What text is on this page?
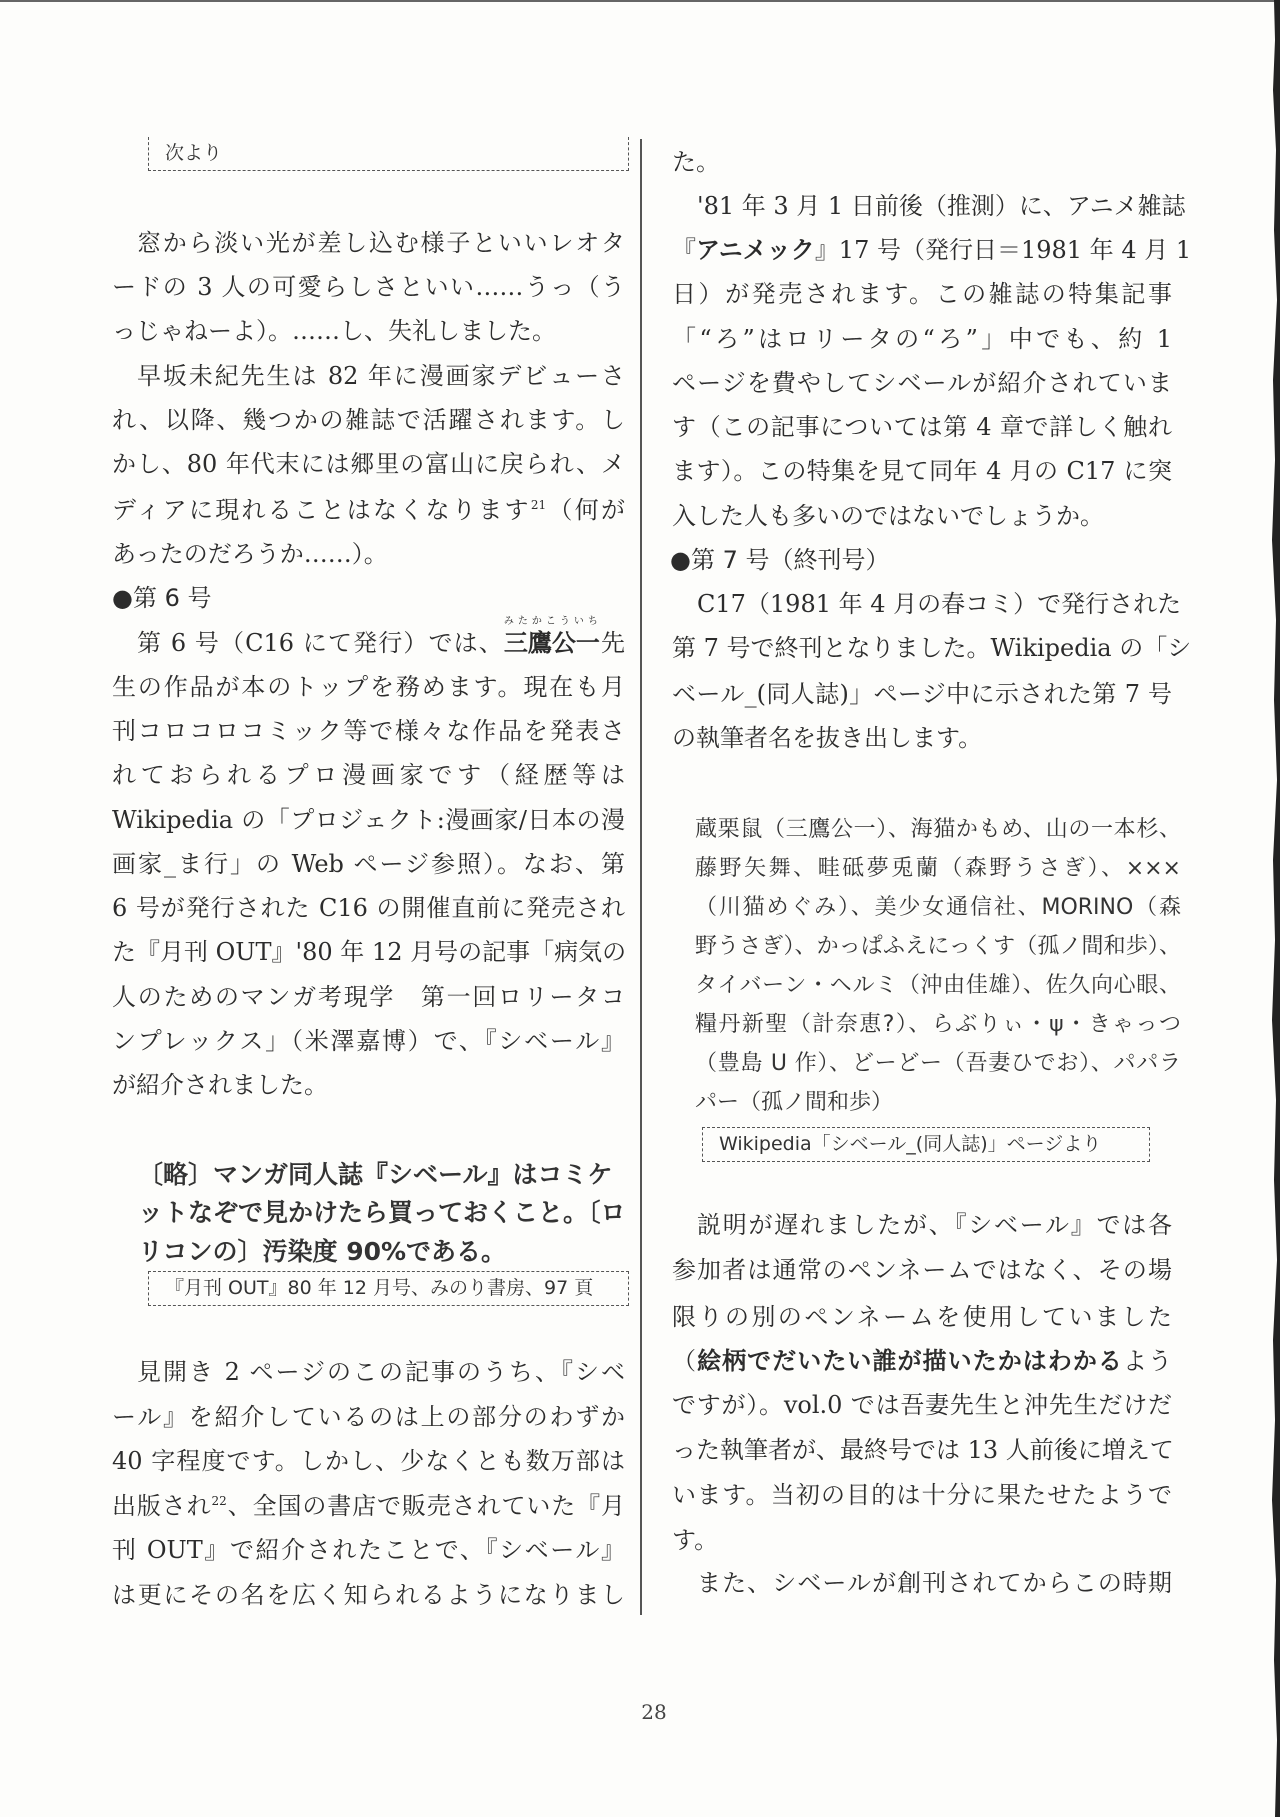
次より
『月刊 OUT』80 年 12 月号、みのり書房、97 頁
Wikipedia「シベール_(同人誌)」ページより
●第 6 号
●第 7 号（終刊号）
窓から淡い光が差し込む様子といいレオタ
ードの 3 人の可愛らしさといい……うっ（う
っじゃねーよ）。……し、失礼しました。
早坂未紀先生は 82 年に漫画家デビューさ
れ、以降、幾つかの雑誌で活躍されます。し
かし、80 年代末には郷里の富山に戻られ、メ
ディアに現れることはなくなります$^{21}$（何が
あったのだろうか……）。
第 6 号（C16 にて発行）では、
みたかこういち
三鷹公一先
生の作品が本のトップを務めます。現在も月
刊コロコロコミック等で様々な作品を発表さ
れておられるプロ漫画家です（経歴等は
Wikipedia の「プロジェクト:漫画家/日本の漫
画家_ま行」の Web ページ参照）。なお、第
6 号が発行された C16 の開催直前に発売され
た『月刊 OUT』'80 年 12 月号の記事「病気の
人のためのマンガ考現学　第一回ロリータコ
ンプレックス」（米澤嘉博）で、『シベール』
が紹介されました。
〔略〕マンガ同人誌『シベール』はコミケ
ットなぞで見かけたら買っておくこと。〔ロ
リコンの〕汚染度 90%である。
見開き 2 ページのこの記事のうち、『シベ
ール』を紹介しているのは上の部分のわずか
40 字程度です。しかし、少なくとも数万部は
出版され$^{22}$、全国の書店で販売されていた『月
刊 OUT』で紹介されたことで、『シベール』
は更にその名を広く知られるようになりまし
た。
'81 年 3 月 1 日前後（推測）に、アニメ雑誌
『アニメック』17 号（発行日＝1981 年 4 月 1
日）が発売されます。この雑誌の特集記事
「“ろ”はロリータの“ろ”」中でも、約 1
ページを費やしてシベールが紹介されていま
す（この記事については第 4 章で詳しく触れ
ます）。この特集を見て同年 4 月の C17 に突
入した人も多いのではないでしょうか。
C17（1981 年 4 月の春コミ）で発行された
第 7 号で終刊となりました。Wikipedia の「シ
ベール_(同人誌)」ページ中に示された第 7 号
の執筆者名を抜き出します。
蔵栗鼠（三鷹公一）、海猫かもめ、山の一本杉、
藤野矢舞、畦砥夢兎蘭（森野うさぎ）、×××
（川猫めぐみ）、美少女通信社、MORINO（森
野うさぎ）、かっぱふえにっくす（孤ノ間和歩）、
タイバーン・ヘルミ（沖由佳雄）、佐久向心眼、
糧丹新聖（計奈恵?）、らぶりぃ・ψ・きゃっつ
（豊島 U 作）、どーどー（吾妻ひでお）、パパラ
パー（孤ノ間和歩）
説明が遅れましたが、『シベール』では各
参加者は通常のペンネームではなく、その場
限りの別のペンネームを使用していました
（絵柄でだいたい誰が描いたかはわかるよう
ですが）。vol.0 では吾妻先生と沖先生だけだ
った執筆者が、最終号では 13 人前後に増えて
います。当初の目的は十分に果たせたようで
す。
また、シベールが創刊されてからこの時期
28
